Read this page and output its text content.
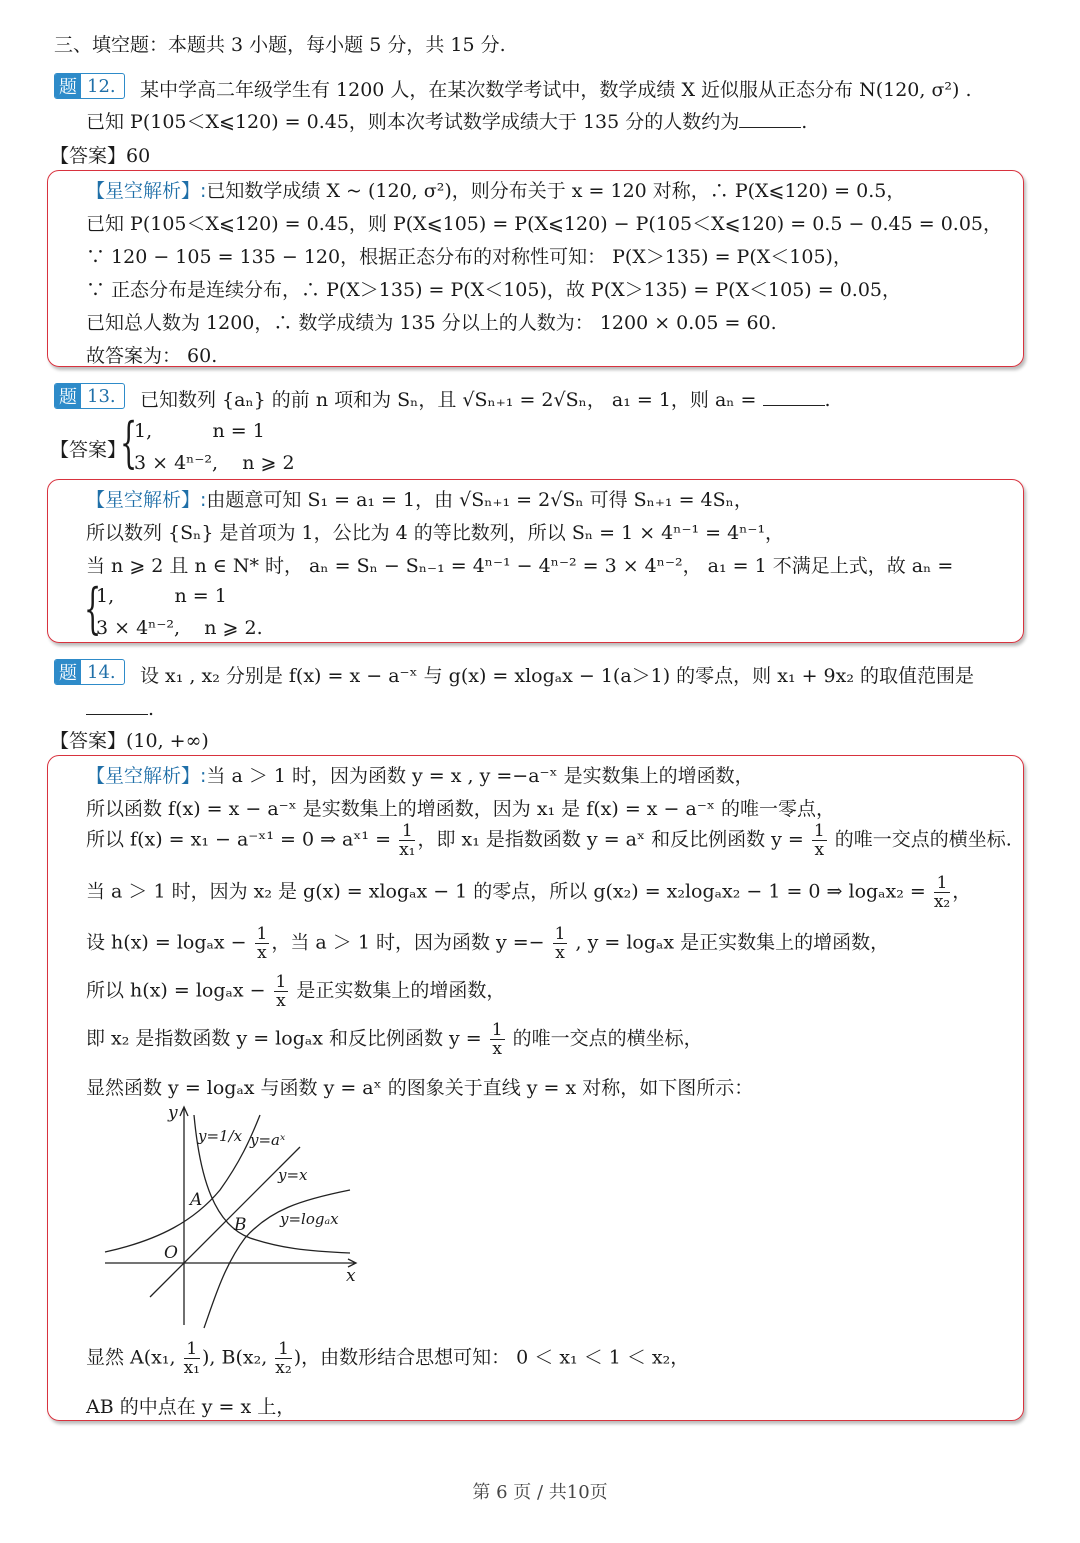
三、填空题：本题共 3 小题，每小题 5 分，共 15 分.
题 12.	某中学高二年级学生有 1200 人，在某次数学考试中，数学成绩 X 近似服从正态分布 N(120, σ²) .
已知 P(105＜X⩽120) = 0.45，则本次考试数学成绩大于 135 分的人数约为	.
【答案】60
【星空解析】:已知数学成绩 X ~ (120, σ²)，则分布关于 x = 120 对称，∴ P(X⩽120) = 0.5，
已知 P(105＜X⩽120) = 0.45，则 P(X⩽105) = P(X⩽120) − P(105＜X⩽120) = 0.5 − 0.45 = 0.05，
∵ 120 − 105 = 135 − 120，根据正态分布的对称性可知： P(X＞135) = P(X＜105)，
∵ 正态分布是连续分布，∴ P(X＞135) = P(X＜105)，故 P(X＞135) = P(X＜105) = 0.05，
已知总人数为 1200，∴ 数学成绩为 135 分以上的人数为： 1200 × 0.05 = 60.
故答案为： 60.
题 13.	已知数列 {aₙ} 的前 n 项和为 Sₙ，且 √Sₙ₊₁ = 2√Sₙ， a₁ = 1，则 aₙ =	.
【答案】
{
1,          n = 1
3 × 4ⁿ⁻²,    n ⩾ 2
【星空解析】:由题意可知 S₁ = a₁ = 1，由 √Sₙ₊₁ = 2√Sₙ 可得 Sₙ₊₁ = 4Sₙ，
所以数列 {Sₙ} 是首项为 1，公比为 4 的等比数列，所以 Sₙ = 1 × 4ⁿ⁻¹ = 4ⁿ⁻¹，
当 n ⩾ 2 且 n ∈ N* 时， aₙ = Sₙ − Sₙ₋₁ = 4ⁿ⁻¹ − 4ⁿ⁻² = 3 × 4ⁿ⁻²， a₁ = 1 不满足上式，故 aₙ =
{
1,          n = 1
3 × 4ⁿ⁻²,    n ⩾ 2.
题 14.	设 x₁ , x₂ 分别是 f(x) = x − a⁻ˣ 与 g(x) = xlogₐx − 1(a＞1) 的零点，则 x₁ + 9x₂ 的取值范围是
.
【答案】(10, +∞)
【星空解析】:当 a ＞ 1 时，因为函数 y = x , y =−a⁻ˣ 是实数集上的增函数，
所以函数 f(x) = x − a⁻ˣ 是实数集上的增函数，因为 x₁ 是 f(x) = x − a⁻ˣ 的唯一零点，
所以 f(x) = x₁ − a⁻ˣ¹ = 0 ⇒ aˣ¹ = $\frac{1}{\text{x₁}}$ ，即 x₁ 是指数函数 y = aˣ 和反比例函数 $y = \frac{1}{x}$ 的唯一交点的横坐标.
当 a ＞ 1 时，因为 x₂ 是 g(x) = xlogₐx − 1 的零点，所以 g(x₂) = x₂logₐx₂ − 1 = 0 ⇒ $\log_ax_2 = \frac{1}{\text{x₂}}$ ，
设 $h(x) = \log_ax - \frac{1}{x}$ ，当 a ＞ 1 时，因为函数 $y =- \frac{1}{x}$ , y = logₐx 是正实数集上的增函数，
所以 $h(x) = \log_ax - \frac{1}{x}$ 是正实数集上的增函数，
即 x₂ 是指数函数 y = logₐx 和反比例函数 $y = \frac{1}{x}$ 的唯一交点的横坐标，
显然函数 y = logₐx 与函数 y = aˣ 的图象关于直线 y = x 对称，如下图所示：
y
x
O
A
B
y=1/x y=aˣ
y=x
y=logₐx
显然 A(x₁, $\frac{1}{\text{x₁}}$ ), B(x₂, $\frac{1}{\text{x₂}}$ )，由数形结合思想可知： 0 ＜ x₁ ＜ 1 ＜ x₂，
AB 的中点在 y = x 上，
第 6 页 / 共10页
